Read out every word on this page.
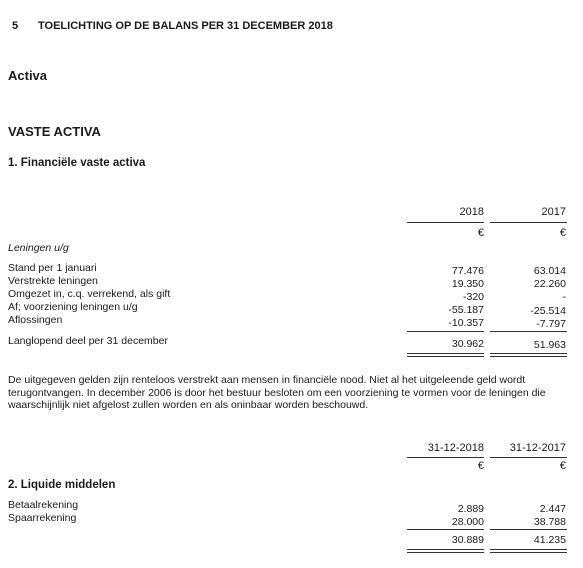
5 TOELICHTING OP DE BALANS PER 31 DECEMBER 2018
Activa
VASTE ACTIVA
1. Financiële vaste activa
2018	2017
€	€
Leningen u/g
Stand per 1 januari	77.476	63.014
Verstrekte leningen	19.350	22.260
Omgezet in, c.q. verrekend, als gift	-320	-
Af; voorziening leningen u/g	-55.187	-25.514
Aflossingen	-10.357	-7.797
Langlopend deel per 31 december	30.962	51.963
De uitgegeven gelden zijn renteloos verstrekt aan mensen in financiële nood. Niet al het uitgeleende geld wordt terugontvangen. In december 2006 is door het bestuur besloten om een voorziening te vormen voor de leningen die waarschijnlijk niet afgelost zullen worden en als oninbaar worden beschouwd.
31-12-2018	31-12-2017
€	€
2. Liquide middelen
Betaalrekening	2.889	2.447
Spaarrekening	28.000	38.788
30.889	41.235
